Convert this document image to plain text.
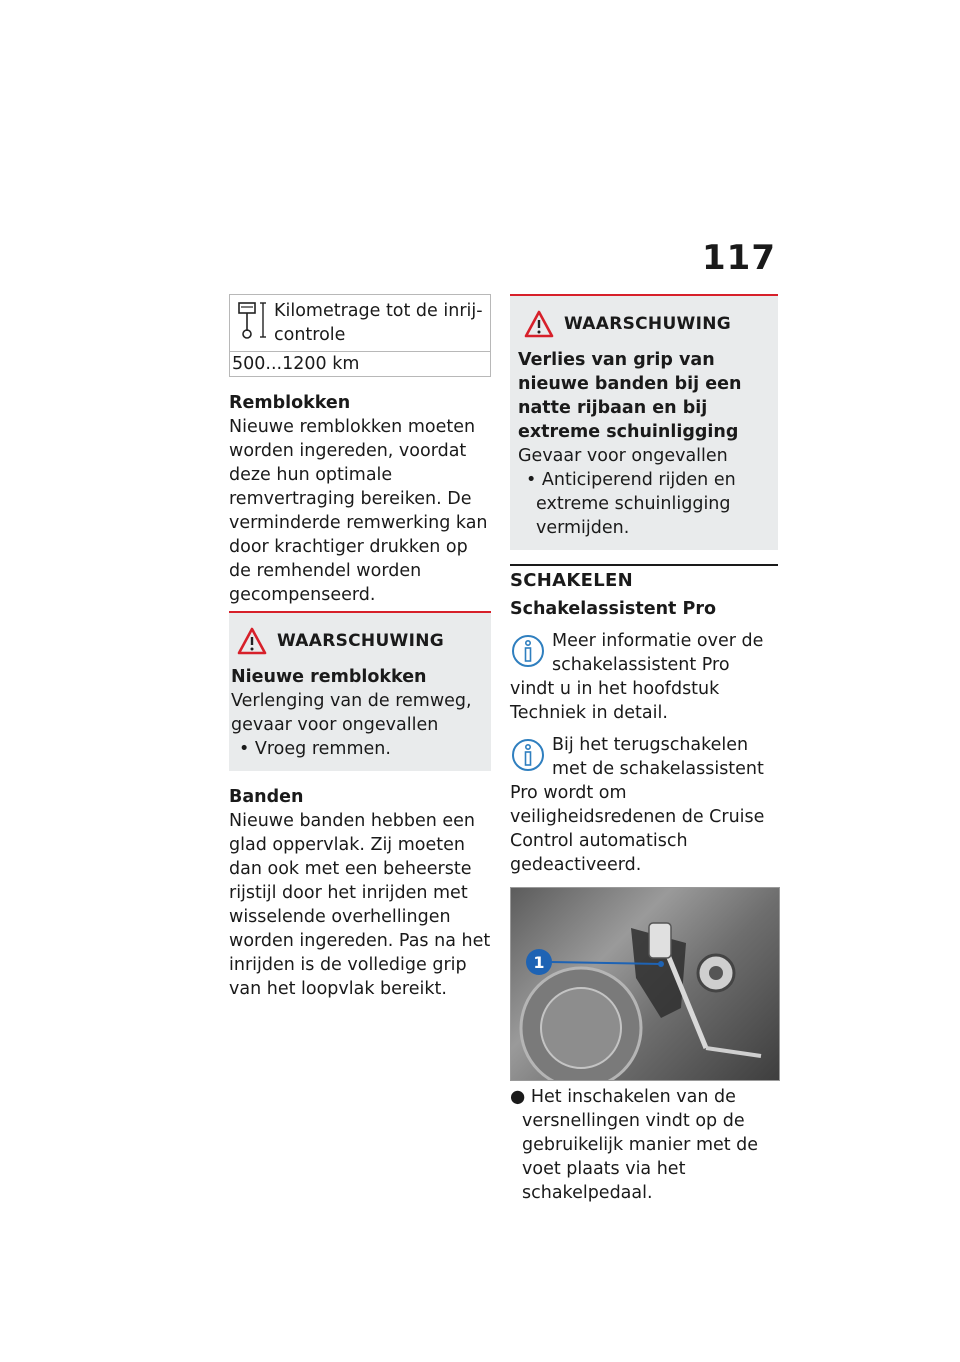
117
Kilometrage tot de inrij-controle
500...1200 km

Remblokken

Nieuwe remblokken moeten worden ingereden, voordat deze hun optimale remvertraging bereiken. De verminderde remwerking kan door krachtiger drukken op de remhendel worden gecompenseerd.

WAARSCHUWING

Nieuwe remblokken

Verlenging van de remweg, gevaar voor ongevallen

• Vroeg remmen.

Banden

Nieuwe banden hebben een glad oppervlak. Zij moeten dan ook met een beheerste rijstijl door het inrijden met wisselende overhellingen worden ingereden. Pas na het inrijden is de volledige grip van het loopvlak bereikt.

WAARSCHUWING

Verlies van grip van nieuwe banden bij een natte rijbaan en bij extreme schuinligging

Gevaar voor ongevallen

• Anticiperend rijden en extreme schuinligging vermijden.

SCHAKELEN

Schakelassistent Pro

Meer informatie over de schakelassistent Pro vindt u in het hoofdstuk Techniek in detail.

Bij het terugschakelen met de schakelassistent Pro wordt om veiligheidsredenen de Cruise Control automatisch gedeactiveerd.

1

● Het inschakelen van de versnellingen vindt op de gebruikelijk manier met de voet plaats via het schakelpedaal.
